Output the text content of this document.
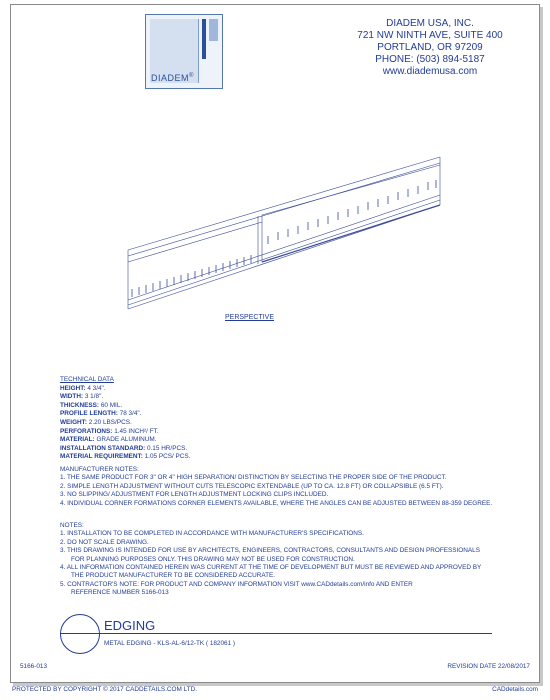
DIADEM®
DIADEM USA, INC.
721 NW NINTH AVE, SUITE 400
PORTLAND, OR 97209
PHONE: (503) 894-5187
www.diademusa.com
PERSPECTIVE
TECHNICAL DATA
HEIGHT: 4 3/4".
WIDTH: 3 1/8".
THICKNESS: 60 MIL.
PROFILE LENGTH: 78 3/4".
WEIGHT: 2.20 LBS/PCS.
PERFORATIONS: 1.45 INCH²/ FT.
MATERIAL: GRADE ALUMINUM.
INSTALLATION STANDARD: 0.15 HR/PCS.
MATERIAL REQUIREMENT: 1.05 PCS/ PCS.
MANUFACTURER NOTES:
1. THE SAME PRODUCT FOR 3" OR 4" HIGH SEPARATION/ DISTINCTION BY SELECTING THE PROPER SIDE OF THE PRODUCT.
2. SIMPLE LENGTH ADJUSTMENT WITHOUT CUTS TELESCOPIC EXTENDABLE (UP TO CA. 12.8 FT) OR COLLAPSIBLE (6.5 FT).
3. NO SLIPPING/ ADJUSTMENT FOR LENGTH ADJUSTMENT LOCKING CLIPS INCLUDED.
4. INDIVIDUAL CORNER FORMATIONS CORNER ELEMENTS AVAILABLE, WHERE THE ANGLES CAN BE ADJUSTED BETWEEN 88-359 DEGREE.
NOTES:
1. INSTALLATION TO BE COMPLETED IN ACCORDANCE WITH MANUFACTURER'S SPECIFICATIONS.
2. DO NOT SCALE DRAWING.
3. THIS DRAWING IS INTENDED FOR USE BY ARCHITECTS, ENGINEERS, CONTRACTORS, CONSULTANTS AND DESIGN PROFESSIONALS
FOR PLANNING PURPOSES ONLY. THIS DRAWING MAY NOT BE USED FOR CONSTRUCTION.
4. ALL INFORMATION CONTAINED HEREIN WAS CURRENT AT THE TIME OF DEVELOPMENT BUT MUST BE REVIEWED AND APPROVED BY
THE PRODUCT MANUFACTURER TO BE CONSIDERED ACCURATE.
5. CONTRACTOR'S NOTE: FOR PRODUCT AND COMPANY INFORMATION VISIT www.CADdetails.com/info AND ENTER
REFERENCE NUMBER 5166-013
EDGING
METAL EDGING - KLS-AL-6/12-TK ( 182061 )
5166-013	REVISION DATE 22/08/2017
PROTECTED BY COPYRIGHT © 2017 CADDETAILS.COM LTD.	CADdetails.com
